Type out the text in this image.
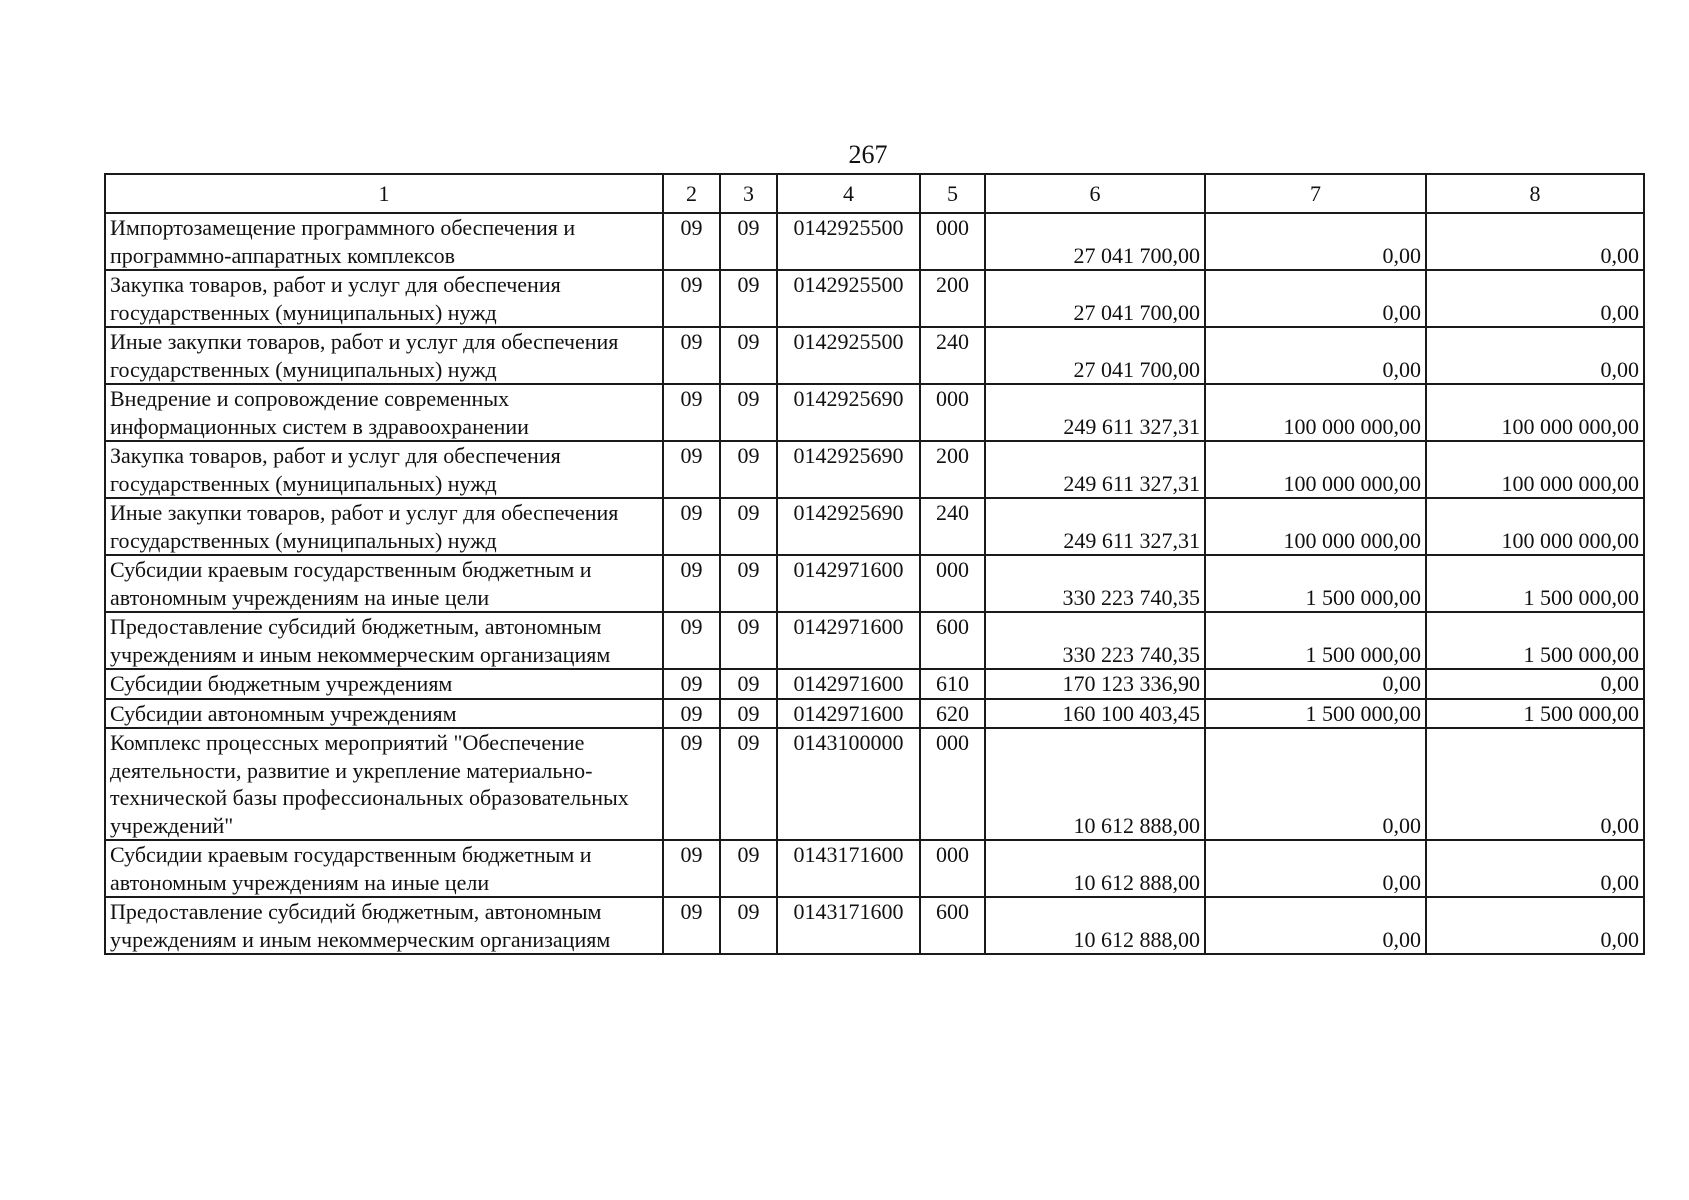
267
1	2	3	4	5	6	7	8
Импортозамещение программного обеспечения и программно-аппаратных комплексов	09	09	0142925500	000	27 041 700,00	0,00	0,00
Закупка товаров, работ и услуг для обеспечения государственных (муниципальных) нужд	09	09	0142925500	200	27 041 700,00	0,00	0,00
Иные закупки товаров, работ и услуг для обеспечения государственных (муниципальных) нужд	09	09	0142925500	240	27 041 700,00	0,00	0,00
Внедрение и сопровождение современных информационных систем в здравоохранении	09	09	0142925690	000	249 611 327,31	100 000 000,00	100 000 000,00
Закупка товаров, работ и услуг для обеспечения государственных (муниципальных) нужд	09	09	0142925690	200	249 611 327,31	100 000 000,00	100 000 000,00
Иные закупки товаров, работ и услуг для обеспечения государственных (муниципальных) нужд	09	09	0142925690	240	249 611 327,31	100 000 000,00	100 000 000,00
Субсидии краевым государственным бюджетным и автономным учреждениям на иные цели	09	09	0142971600	000	330 223 740,35	1 500 000,00	1 500 000,00
Предоставление субсидий бюджетным, автономным учреждениям и иным некоммерческим организациям	09	09	0142971600	600	330 223 740,35	1 500 000,00	1 500 000,00
Субсидии бюджетным учреждениям	09	09	0142971600	610	170 123 336,90	0,00	0,00
Субсидии автономным учреждениям	09	09	0142971600	620	160 100 403,45	1 500 000,00	1 500 000,00
Комплекс процессных мероприятий "Обеспечение деятельности, развитие и укрепление материально-технической базы профессиональных образовательных учреждений"	09	09	0143100000	000	10 612 888,00	0,00	0,00
Субсидии краевым государственным бюджетным и автономным учреждениям на иные цели	09	09	0143171600	000	10 612 888,00	0,00	0,00
Предоставление субсидий бюджетным, автономным учреждениям и иным некоммерческим организациям	09	09	0143171600	600	10 612 888,00	0,00	0,00
